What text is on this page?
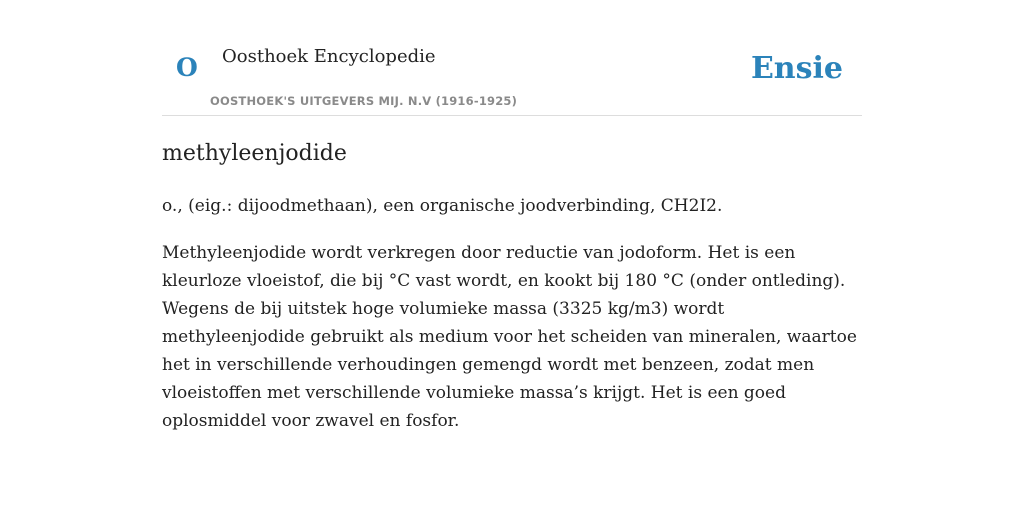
O Oosthoek Encyclopedie
OOSTHOEK'S UITGEVERS MIJ. N.V (1916-1925)
Ensie
methyleenjodide

o., (eig.: dijoodmethaan), een organische joodverbinding, CH2I2.

Methyleenjodide wordt verkregen door reductie van jodoform. Het is een kleurloze vloeistof, die bij °C vast wordt, en kookt bij 180 °C (onder ontleding). Wegens de bij uitstek hoge volumieke massa (3325 kg/m3) wordt methyleenjodide gebruikt als medium voor het scheiden van mineralen, waartoe het in verschillende verhoudingen gemengd wordt met benzeen, zodat men vloeistoffen met verschillende volumieke massa’s krijgt. Het is een goed oplosmiddel voor zwavel en fosfor.
